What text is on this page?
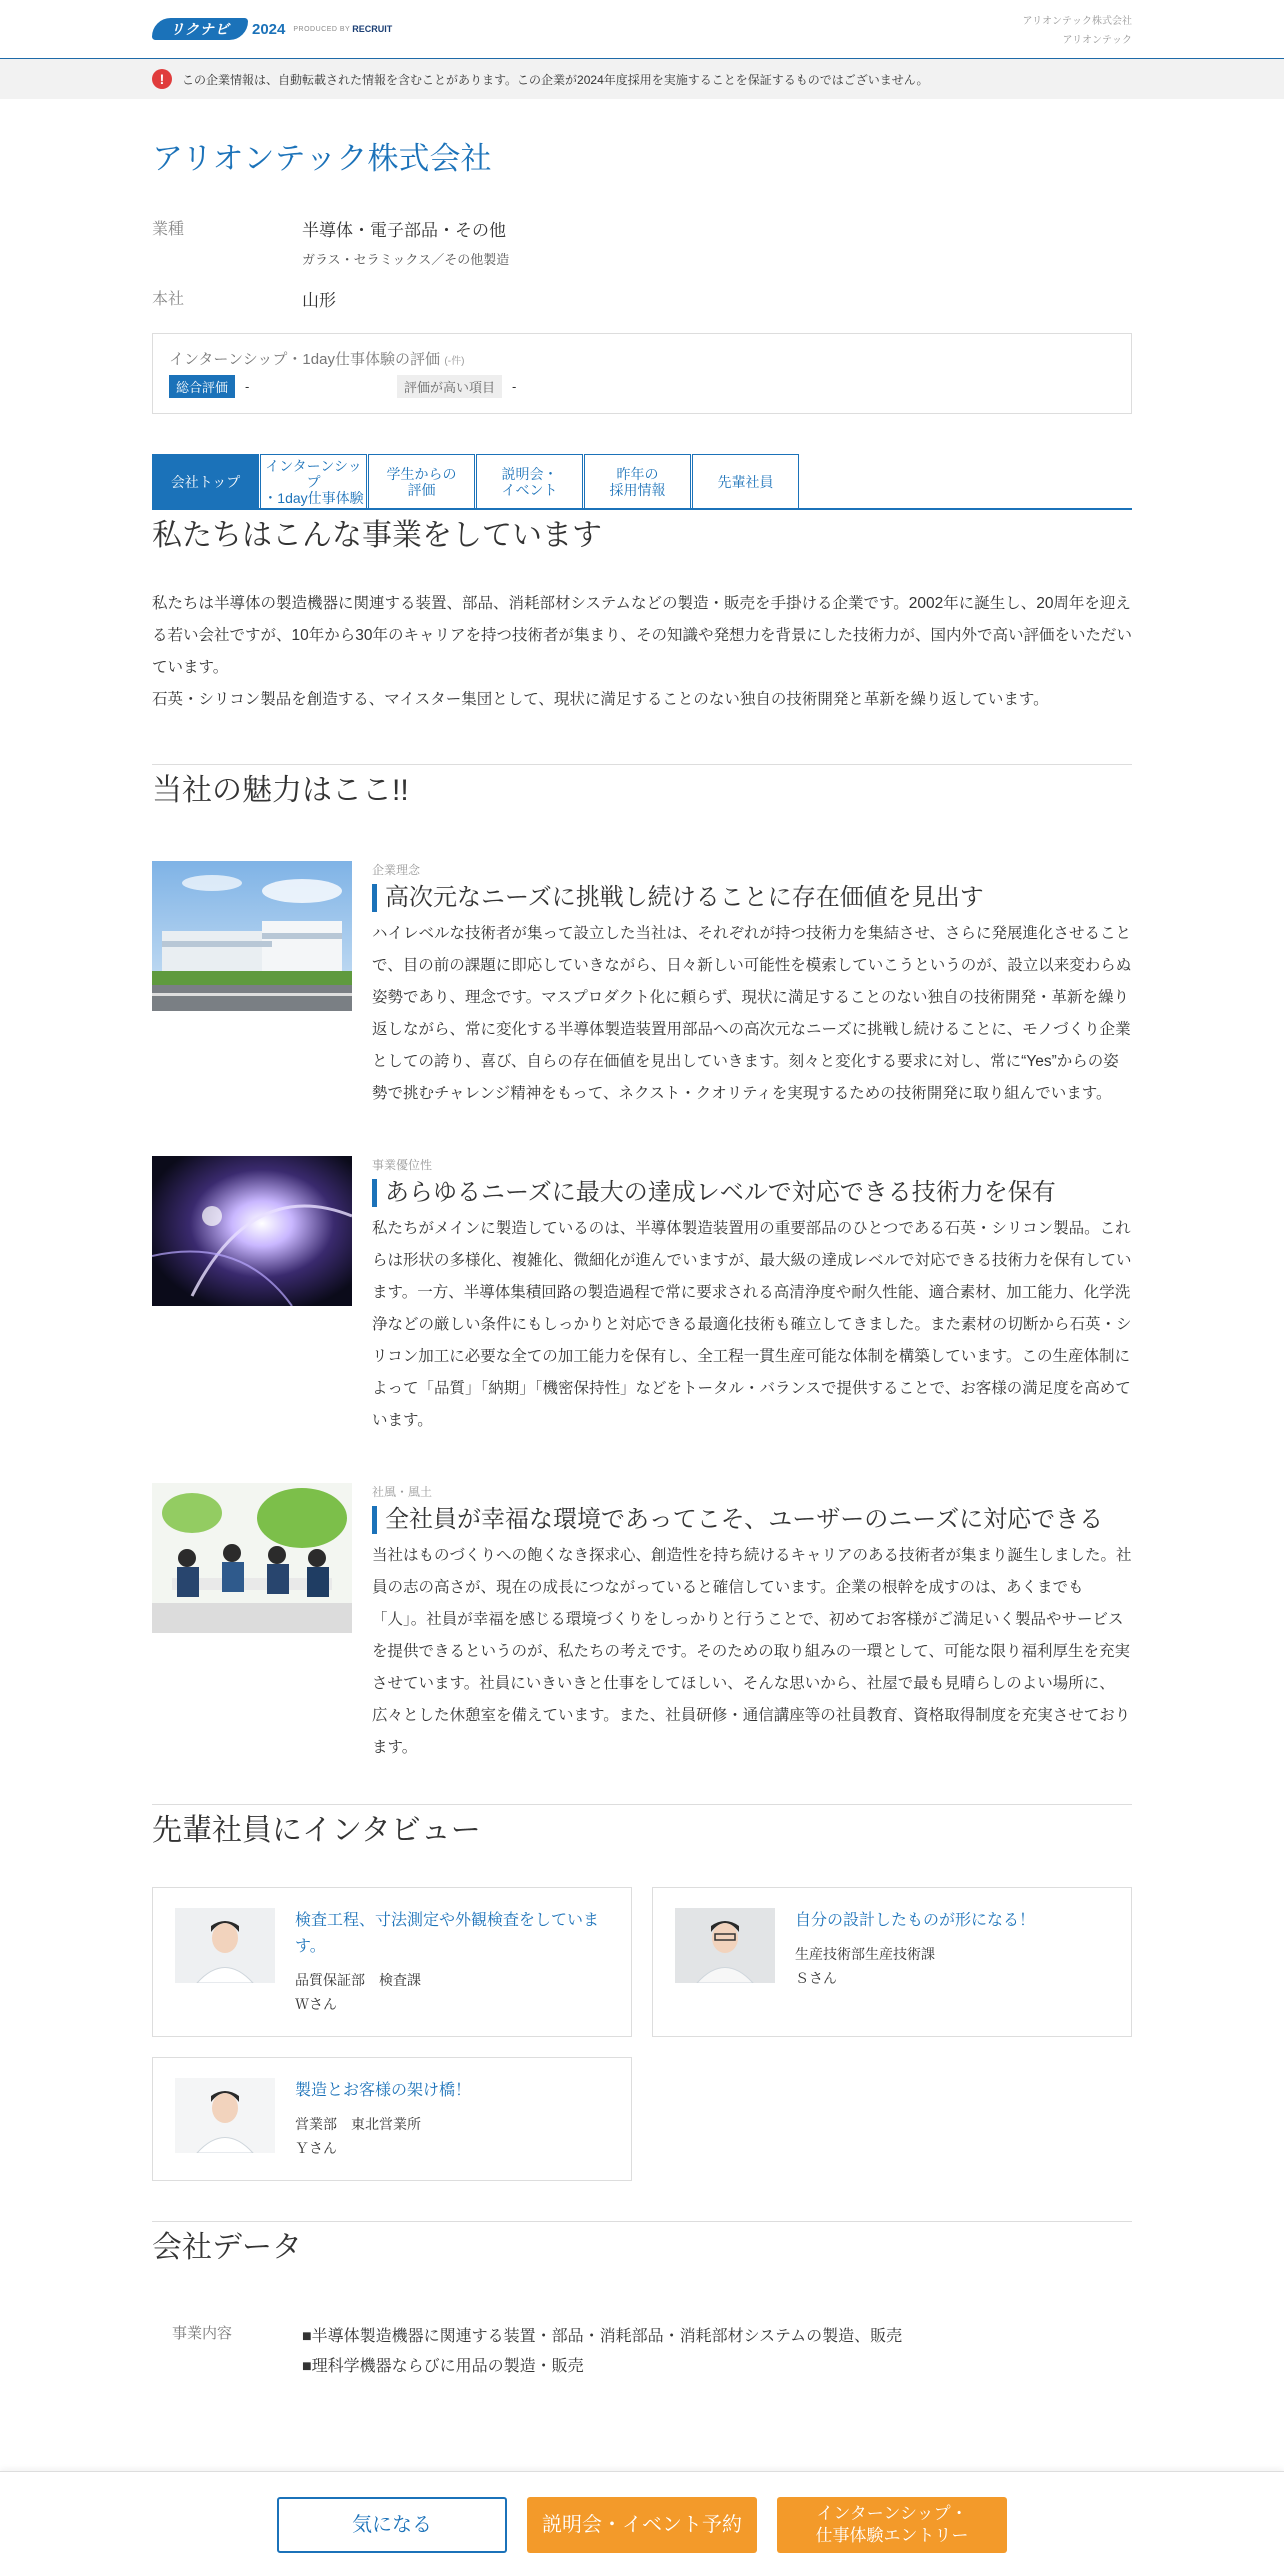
リクナビ	2024 PRODUCED BY RECRUIT
アリオンテック株式会社
アリオンテック
!	この企業情報は、自動転載された情報を含むことがあります。この企業が2024年度採用を実施することを保証するものではございません。
アリオンテック株式会社
業種	半導体・電子部品・その他
ガラス・セラミックス／その他製造
本社	山形
インターンシップ・1day仕事体験の評価 (-件)
総合評価	-	評価が高い項目	-
会社トップ
インターンシップ
・1day仕事体験
学生からの
評価
説明会・
イベント
昨年の
採用情報	先輩社員
私たちはこんな事業をしています
私たちは半導体の製造機器に関連する装置、部品、消耗部材システムなどの製造・販売を手掛ける企業です。2002年に誕生し、20周年を迎える若い会社ですが、10年から30年のキャリアを持つ技術者が集まり、その知識や発想力を背景にした技術力が、国内外で高い評価をいただいています。
石英・シリコン製品を創造する、マイスター集団として、現状に満足することのない独自の技術開発と革新を繰り返しています。
当社の魅力はここ!!
企業理念
高次元なニーズに挑戦し続けることに存在価値を見出す
ハイレベルな技術者が集って設立した当社は、それぞれが持つ技術力を集結させ、さらに発展進化させることで、目の前の課題に即応していきながら、日々新しい可能性を模索していこうというのが、設立以来変わらぬ姿勢であり、理念です。マスプロダクト化に頼らず、現状に満足することのない独自の技術開発・革新を繰り返しながら、常に変化する半導体製造装置用部品への高次元なニーズに挑戦し続けることに、モノづくり企業としての誇り、喜び、自らの存在価値を見出していきます。刻々と変化する要求に対し、常に“Yes”からの姿勢で挑むチャレンジ精神をもって、ネクスト・クオリティを実現するための技術開発に取り組んでいます。
事業優位性
あらゆるニーズに最大の達成レベルで対応できる技術力を保有
私たちがメインに製造しているのは、半導体製造装置用の重要部品のひとつである石英・シリコン製品。これらは形状の多様化、複雑化、微細化が進んでいますが、最大級の達成レベルで対応できる技術力を保有しています。一方、半導体集積回路の製造過程で常に要求される高清浄度や耐久性能、適合素材、加工能力、化学洗浄などの厳しい条件にもしっかりと対応できる最適化技術も確立してきました。また素材の切断から石英・シリコン加工に必要な全ての加工能力を保有し、全工程一貫生産可能な体制を構築しています。この生産体制によって「品質」「納期」「機密保持性」などをトータル・バランスで提供することで、お客様の満足度を高めています。
社風・風土
全社員が幸福な環境であってこそ、ユーザーのニーズに対応できる
当社はものづくりへの飽くなき探求心、創造性を持ち続けるキャリアのある技術者が集まり誕生しました。社員の志の高さが、現在の成長につながっていると確信しています。企業の根幹を成すのは、あくまでも「人」。社員が幸福を感じる環境づくりをしっかりと行うことで、初めてお客様がご満足いく製品やサービスを提供できるというのが、私たちの考えです。そのための取り組みの一環として、可能な限り福利厚生を充実させています。社員にいきいきと仕事をしてほしい、そんな思いから、社屋で最も見晴らしのよい場所に、広々とした休憩室を備えています。また、社員研修・通信講座等の社員教育、資格取得制度を充実させております。
先輩社員にインタビュー
検査工程、寸法測定や外観検査をしています。
品質保証部　検査課
Ｗさん
自分の設計したものが形になる！
生産技術部生産技術課
Ｓさん
製造とお客様の架け橋！
営業部　東北営業所
Ｙさん
会社データ
事業内容	■半導体製造機器に関連する装置・部品・消耗部品・消耗部材システムの製造、販売
■理科学機器ならびに用品の製造・販売
気になる	説明会・イベント予約
インターンシップ・
仕事体験エントリー
